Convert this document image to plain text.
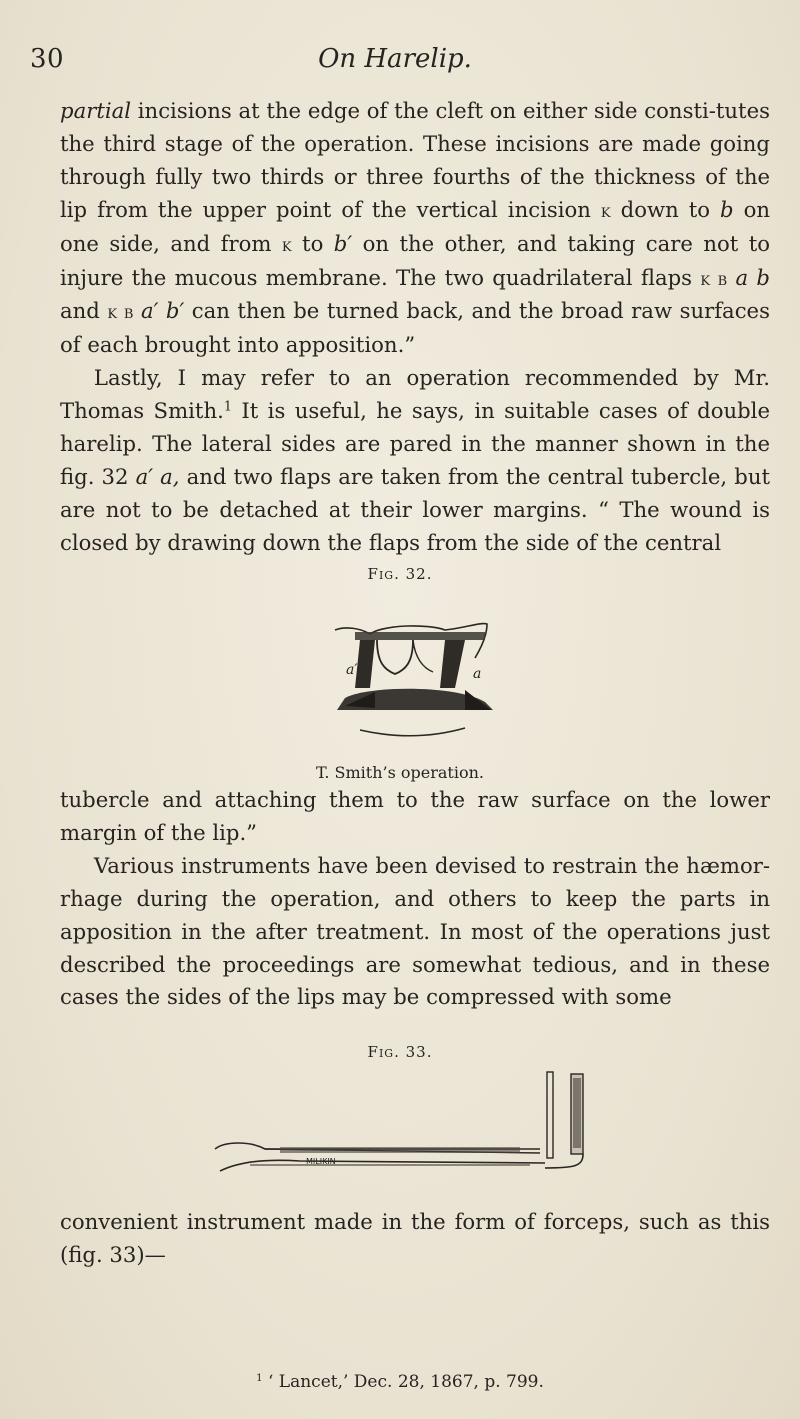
30	On Harelip.

partial incisions at the edge of the cleft on either side consti-tutes the third stage of the operation. These incisions are made going through fully two thirds or three fourths of the thickness of the lip from the upper point of the vertical incision k down to b on one side, and from k to b′ on the other, and taking care not to injure the mucous membrane. The two quadrilateral flaps k b a b and k b a′ b′ can then be turned back, and the broad raw surfaces of each brought into apposition.”

Lastly, I may refer to an operation recommended by Mr. Thomas Smith.$^1$ It is useful, he says, in suitable cases of double harelip. The lateral sides are pared in the manner shown in the fig. 32 a′ a, and two flaps are taken from the central tubercle, but are not to be detached at their lower margins. “ The wound is closed by drawing down the flaps from the side of the central

Fig. 32.
a′	a
T. Smith’s operation.

tubercle and attaching them to the raw surface on the lower margin of the lip.”

Various instruments have been devised to restrain the hæmor-rhage during the operation, and others to keep the parts in apposition in the after treatment. In most of the operations just described the proceedings are somewhat tedious, and in these cases the sides of the lips may be compressed with some

Fig. 33.
MILIKIN

convenient instrument made in the form of forceps, such as this (fig. 33)—

$^1$ ‘ Lancet,’ Dec. 28, 1867, p. 799.
